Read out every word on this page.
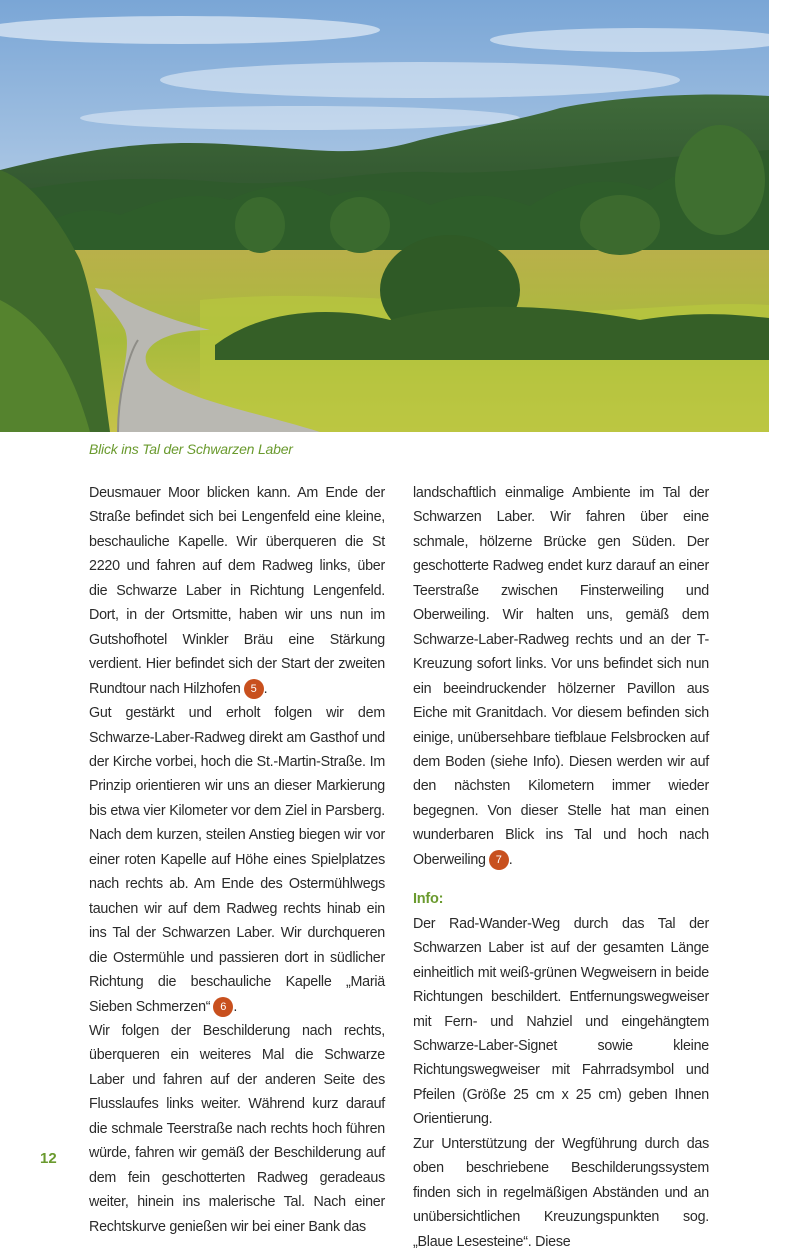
Blick ins Tal der Schwarzen Laber

Deusmauer Moor blicken kann. Am Ende der Straße befindet sich bei Lengenfeld eine kleine, beschauliche Kapelle. Wir überqueren die St 2220 und fahren auf dem Radweg links, über die Schwarze Laber in Richtung Lengenfeld. Dort, in der Ortsmitte, haben wir uns nun im Gutshofhotel Winkler Bräu eine Stärkung verdient. Hier befindet sich der Start der zweiten Rundtour nach Hilzhofen 5 .

Gut gestärkt und erholt folgen wir dem Schwarze-Laber-Radweg direkt am Gasthof und der Kirche vorbei, hoch die St.-Martin-Straße. Im Prinzip orientieren wir uns an dieser Markierung bis etwa vier Kilometer vor dem Ziel in Parsberg. Nach dem kurzen, steilen Anstieg biegen wir vor einer roten Kapelle auf Höhe eines Spielplatzes nach rechts ab. Am Ende des Ostermühlwegs tauchen wir auf dem Radweg rechts hinab ein ins Tal der Schwarzen Laber. Wir durchqueren die Ostermühle und passieren dort in südlicher Richtung die beschauliche Kapelle „Mariä Sieben Schmerzen“ 6 .

Wir folgen der Beschilderung nach rechts, überqueren ein weiteres Mal die Schwarze Laber und fahren auf der anderen Seite des Flusslaufes links weiter. Während kurz darauf die schmale Teerstraße nach rechts hoch führen würde, fahren wir gemäß der Beschilderung auf dem fein geschotterten Radweg geradeaus weiter, hinein ins malerische Tal. Nach einer Rechtskurve genießen wir bei einer Bank das

landschaftlich einmalige Ambiente im Tal der Schwarzen Laber. Wir fahren über eine schmale, hölzerne Brücke gen Süden. Der geschotterte Radweg endet kurz darauf an einer Teerstraße zwischen Finsterweiling und Oberweiling. Wir halten uns, gemäß dem Schwarze-Laber-Radweg rechts und an der T-Kreuzung sofort links. Vor uns befindet sich nun ein beeindruckender hölzerner Pavillon aus Eiche mit Granitdach. Vor diesem befinden sich einige, unübersehbare tiefblaue Felsbrocken auf dem Boden (siehe Info). Diesen werden wir auf den nächsten Kilometern immer wieder begegnen. Von dieser Stelle hat man einen wunderbaren Blick ins Tal und hoch nach Oberweiling 7 .

Info:

Der Rad-Wander-Weg durch das Tal der Schwarzen Laber ist auf der gesamten Länge einheitlich mit weiß-grünen Wegweisern in beide Richtungen beschildert. Entfernungswegweiser mit Fern- und Nahziel und eingehängtem Schwarze-Laber-Signet sowie kleine Richtungswegweiser mit Fahrradsymbol und Pfeilen (Größe 25 cm x 25 cm) geben Ihnen Orientierung.

Zur Unterstützung der Wegführung durch das oben beschriebene Beschilderungssystem finden sich in regelmäßigen Abständen und an unübersichtlichen Kreuzungspunkten sog. „Blaue Lesesteine“. Diese

12
